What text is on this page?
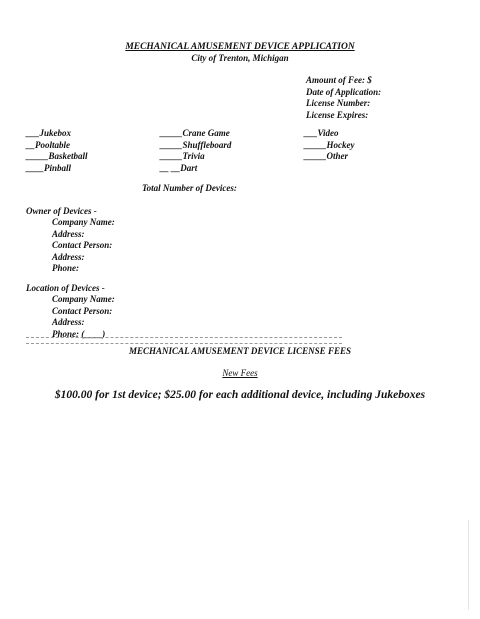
MECHANICAL AMUSEMENT DEVICE APPLICATION
City of Trenton, Michigan
Amount of Fee: $
Date of Application:
License Number:
License Expires:
___Jukebox
__Pooltable
_____Basketball
____Pinball
_____Crane Game
_____Shuffleboard
_____Trivia
__ __Dart
___Video
_____Hockey
_____Other
Total Number of Devices:
Owner of Devices -
Company Name:
Address:
Contact Person:
Address:
Phone:
Location of Devices -
Company Name:
Contact Person:
Address:
Phone: (____)
MECHANICAL AMUSEMENT DEVICE LICENSE FEES
New Fees
$100.00 for 1st device; $25.00 for each additional device, including Jukeboxes
